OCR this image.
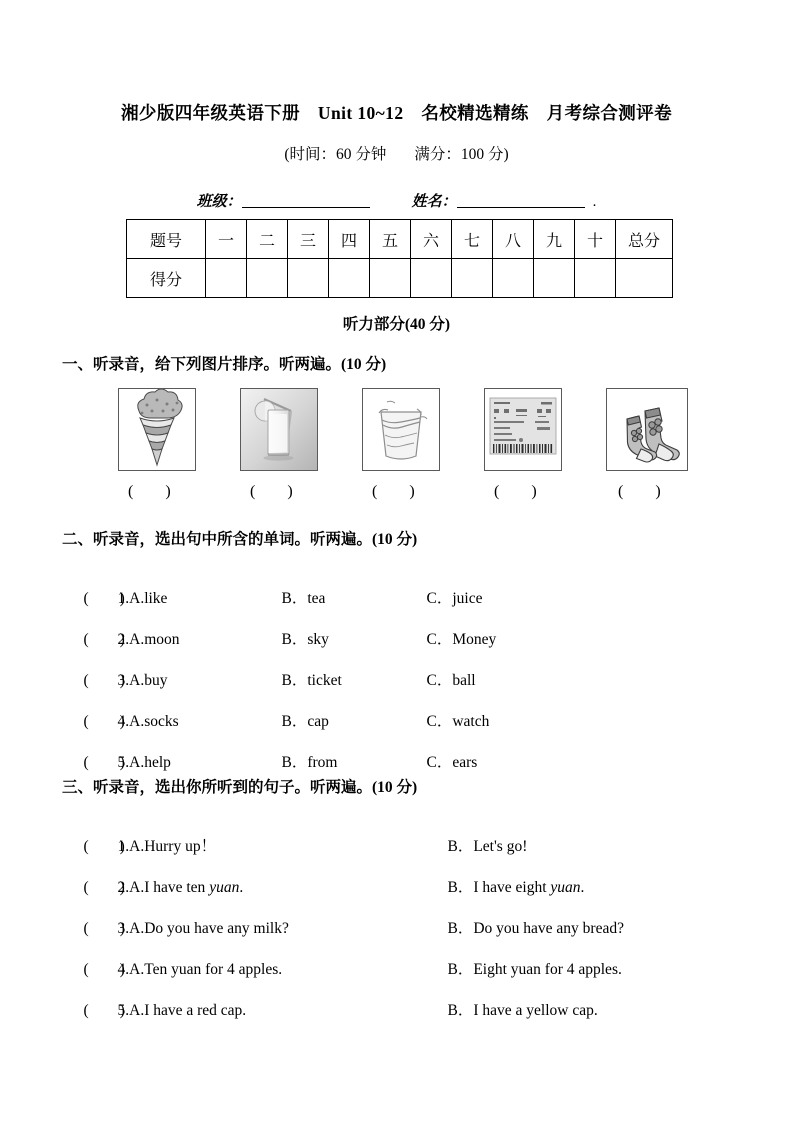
湘少版四年级英语下册　Unit 10~12　名校精选精练　月考综合测评卷
(时间：60 分钟 满分：100 分)
班级：	姓名：	.
题号	一	二	三	四	五	六	七	八	九	十	总分
得分											
听力部分(40 分)
一、听录音，给下列图片排序。听两遍。(10 分)
(　　)	(　　)	(　　)	(　　)	(　　)
二、听录音，选出句中所含的单词。听两遍。(10 分)

(　　)1.A.like	B．tea	C．juice

(　　)2.A.moon	B．sky	C．Money

(　　)3.A.buy	B．ticket	C．ball

(　　)4.A.socks	B．cap	C．watch

(　　)5.A.help	B．from	C．ears

三、听录音，选出你所听到的句子。听两遍。(10 分)

(　　)1.A.Hurry up！	B．Let's go!

(　　)2.A.I have ten yuan.	B．I have eight yuan.

(　　)3.A.Do you have any milk?	B．Do you have any bread?

(　　)4.A.Ten yuan for 4 apples.	B．Eight yuan for 4 apples.

(　　)5.A.I have a red cap.	B．I have a yellow cap.
